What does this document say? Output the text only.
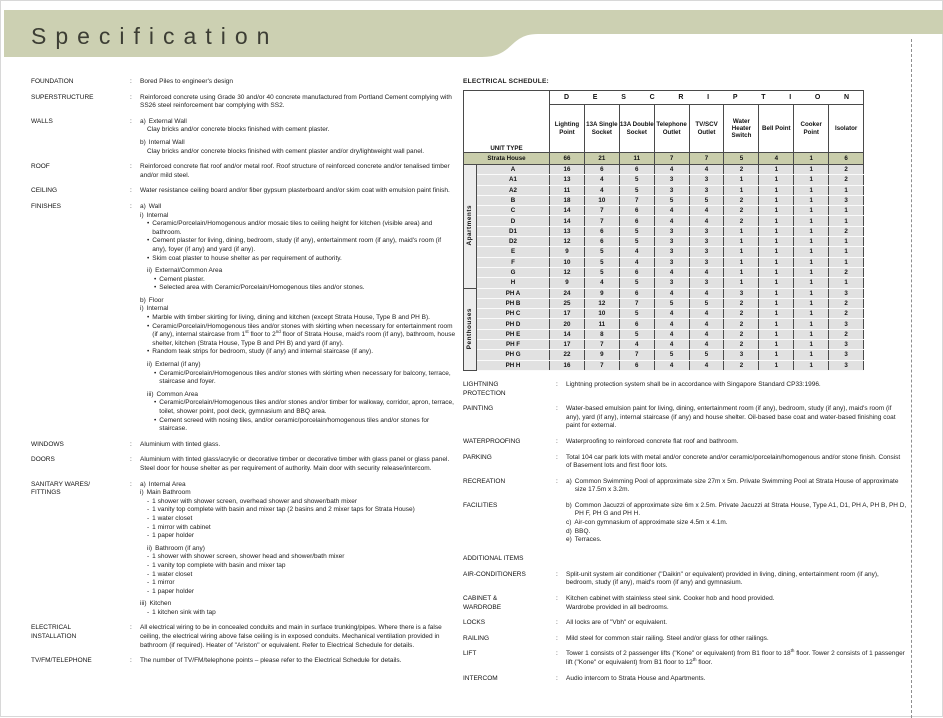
Specification
FOUNDATION	:	Bored Piles to engineer's design
SUPERSTRUCTURE	:	Reinforced concrete using Grade 30 and/or 40 concrete manufactured from Portland Cement complying with SS26 steel reinforcement bar complying with SS2.
WALLS	:	a) External Wall
Clay bricks and/or concrete blocks finished with cement plaster.
b) Internal Wall
Clay bricks and/or concrete blocks finished with cement plaster and/or dry/lightweight wall panel.
ROOF	:	Reinforced concrete flat roof and/or metal roof. Roof structure of reinforced concrete and/or tenalised timber and/or mild steel.
CEILING	:	Water resistance ceiling board and/or fiber gypsum plasterboard and/or skim coat with emulsion paint finish.
FINISHES	:	a) Wall
i) Internal
• Ceramic/Porcelain/Homogenous and/or mosaic tiles to ceiling height for kitchen (visible area) and bathroom.
• Cement plaster for living, dining, bedroom, study (if any), entertainment room (if any), maid's room (if any), foyer (if any) and yard (if any).
• Skim coat plaster to house shelter as per requirement of authority.
ii) External/Common Area
• Cement plaster.
• Selected area with Ceramic/Porcelain/Homogenous tiles and/or stones.
b) Floor
i) Internal
• Marble with timber skirting for living, dining and kitchen (except Strata House, Type B and PH B).
• Ceramic/Porcelain/Homogenous tiles and/or stones with skirting when necessary for entertainment room (if any), internal staircase from 1st floor to 2nd floor of Strata House, maid's room (if any), bathroom, house shelter, kitchen (Strata House, Type B and PH B) and yard (if any).
• Random teak strips for bedroom, study (if any) and internal staircase (if any).
ii) External (if any)
• Ceramic/Porcelain/Homogenous tiles and/or stones with skirting when necessary for balcony, terrace, staircase and foyer.
iii) Common Area
• Ceramic/Porcelain/Homogenous tiles and/or stones and/or timber for walkway, corridor, apron, terrace, toilet, shower point, pool deck, gymnasium and BBQ area.
• Cement screed with nosing tiles, and/or ceramic/porcelain/homogenous tiles and/or stones for staircase.
WINDOWS	:	Aluminium with tinted glass.
DOORS	:	Aluminium with tinted glass/acrylic or decorative timber or decorative timber with glass panel or glass panel. Steel door for house shelter as per requirement of authority. Main door with security release/intercom.
SANITARY WARES/
FITTINGS
:	a) Internal Area
i) Main Bathroom
- 1 shower with shower screen, overhead shower and shower/bath mixer
- 1 vanity top complete with basin and mixer tap (2 basins and 2 mixer taps for Strata House)
- 1 water closet
- 1 mirror with cabinet
- 1 paper holder
ii) Bathroom (if any)
- 1 shower with shower screen, shower head and shower/bath mixer
- 1 vanity top complete with basin and mixer tap
- 1 water closet
- 1 mirror
- 1 paper holder
iii) Kitchen
- 1 kitchen sink with tap
ELECTRICAL
INSTALLATION
:	All electrical wiring to be in concealed conduits and main in surface trunking/pipes. Where there is a false ceiling, the electrical wiring above false ceiling is in exposed conduits. Mechanical ventilation provided in bathroom (if required). Heater of "Ariston" or equivalent. Refer to Electrical Schedule for details.
TV/FM/TELEPHONE	:	The number of TV/FM/telephone points – please refer to the Electrical Schedule for details.
ELECTRICAL SCHEDULE:
UNIT TYPE	
D	E	S	C	R	I	P	T	I	O	N

		Lighting Point	13A Single Socket	13A Double Socket	Telephone Outlet	TV/SCV Outlet	Water Heater Switch	Bell Point	Cooker Point	Isolator
Strata House		66	21	11	7	7	5	4	1	6
Apartments	A	16	6	6	4	4	2	1	1	2
	A1	13	4	5	3	3	1	1	1	2
	A2	11	4	5	3	3	1	1	1	1
	B	18	10	7	5	5	2	1	1	3
	C	14	7	6	4	4	2	1	1	1
	D	14	7	6	4	4	2	1	1	1
	D1	13	6	5	3	3	1	1	1	2
	D2	12	6	5	3	3	1	1	1	1
	E	9	5	4	3	3	1	1	1	1
	F	10	5	4	3	3	1	1	1	1
	G	12	5	6	4	4	1	1	1	2
	H	9	4	5	3	3	1	1	1	1
Penthouses	PH A	24	9	6	4	4	3	1	1	3
	PH B	25	12	7	5	5	2	1	1	2
	PH C	17	10	5	4	4	2	1	1	2
	PH D	20	11	6	4	4	2	1	1	3
	PH E	14	8	5	4	4	2	1	1	2
	PH F	17	7	4	4	4	2	1	1	3
	PH G	22	9	7	5	5	3	1	1	3
	PH H	16	7	6	4	4	2	1	1	3
LIGHTNING
PROTECTION
:	Lightning protection system shall be in accordance with Singapore Standard CP33:1996.
PAINTING	:	Water-based emulsion paint for living, dining, entertainment room (if any), bedroom, study (if any), maid's room (if any), yard (if any), internal staircase (if any) and house shelter. Oil-based base coat and water-based finishing coat paint for external.
WATERPROOFING	:	Waterproofing to reinforced concrete flat roof and bathroom.
PARKING	:	Total 104 car park lots with metal and/or concrete and/or ceramic/porcelain/homogenous and/or stone finish. Consist of Basement lots and first floor lots.
RECREATION	:	a) Common Swimming Pool of approximate size 27m x 5m. Private Swimming Pool at Strata House of approximate size 17.5m x 3.2m.
FACILITIES	b) Common Jacuzzi of approximate size 6m x 2.5m. Private Jacuzzi at Strata House, Type A1, D1, PH A, PH B, PH D, PH F, PH G and PH H.
c) Air-con gymnasium of approximate size 4.5m x 4.1m.
d) BBQ.
e) Terraces.
ADDITIONAL ITEMS
AIR-CONDITIONERS	:	Split-unit system air conditioner ("Daikin" or equivalent) provided in living, dining, entertainment room (if any), bedroom, study (if any), maid's room (if any) and gymnasium.
CABINET &
WARDROBE
:	Kitchen cabinet with stainless steel sink. Cooker hob and hood provided.
Wardrobe provided in all bedrooms.
LOCKS	:	All locks are of "Vbh" or equivalent.
RAILING	:	Mild steel for common stair railing. Steel and/or glass for other railings.
LIFT	:	Tower 1 consists of 2 passenger lifts ("Kone" or equivalent) from B1 floor to 18th floor. Tower 2 consists of 1 passenger lift ("Kone" or equivalent) from B1 floor to 12th floor.
INTERCOM	:	Audio intercom to Strata House and Apartments.
